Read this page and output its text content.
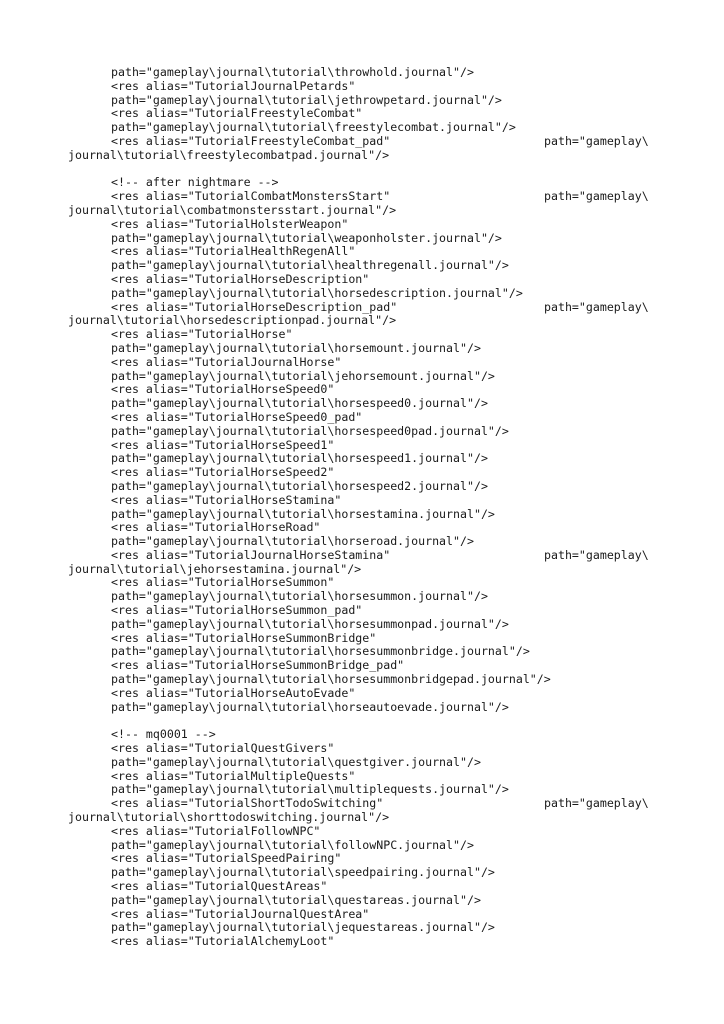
path="gameplay\journal\tutorial\throwhold.journal"/>
<res alias="TutorialJournalPetards"
path="gameplay\journal\tutorial\jethrowpetard.journal"/>
<res alias="TutorialFreestyleCombat"
path="gameplay\journal\tutorial\freestylecombat.journal"/>
<res alias="TutorialFreestyleCombat_pad"	path="gameplay\
journal\tutorial\freestylecombatpad.journal"/>
<!-- after nightmare -->
<res alias="TutorialCombatMonstersStart"	path="gameplay\
journal\tutorial\combatmonstersstart.journal"/>
<res alias="TutorialHolsterWeapon"
path="gameplay\journal\tutorial\weaponholster.journal"/>
<res alias="TutorialHealthRegenAll"
path="gameplay\journal\tutorial\healthregenall.journal"/>
<res alias="TutorialHorseDescription"
path="gameplay\journal\tutorial\horsedescription.journal"/>
<res alias="TutorialHorseDescription_pad"	path="gameplay\
journal\tutorial\horsedescriptionpad.journal"/>
<res alias="TutorialHorse"
path="gameplay\journal\tutorial\horsemount.journal"/>
<res alias="TutorialJournalHorse"
path="gameplay\journal\tutorial\jehorsemount.journal"/>
<res alias="TutorialHorseSpeed0"
path="gameplay\journal\tutorial\horsespeed0.journal"/>
<res alias="TutorialHorseSpeed0_pad"
path="gameplay\journal\tutorial\horsespeed0pad.journal"/>
<res alias="TutorialHorseSpeed1"
path="gameplay\journal\tutorial\horsespeed1.journal"/>
<res alias="TutorialHorseSpeed2"
path="gameplay\journal\tutorial\horsespeed2.journal"/>
<res alias="TutorialHorseStamina"
path="gameplay\journal\tutorial\horsestamina.journal"/>
<res alias="TutorialHorseRoad"
path="gameplay\journal\tutorial\horseroad.journal"/>
<res alias="TutorialJournalHorseStamina"	path="gameplay\
journal\tutorial\jehorsestamina.journal"/>
<res alias="TutorialHorseSummon"
path="gameplay\journal\tutorial\horsesummon.journal"/>
<res alias="TutorialHorseSummon_pad"
path="gameplay\journal\tutorial\horsesummonpad.journal"/>
<res alias="TutorialHorseSummonBridge"
path="gameplay\journal\tutorial\horsesummonbridge.journal"/>
<res alias="TutorialHorseSummonBridge_pad"
path="gameplay\journal\tutorial\horsesummonbridgepad.journal"/>
<res alias="TutorialHorseAutoEvade"
path="gameplay\journal\tutorial\horseautoevade.journal"/>
<!-- mq0001 -->
<res alias="TutorialQuestGivers"
path="gameplay\journal\tutorial\questgiver.journal"/>
<res alias="TutorialMultipleQuests"
path="gameplay\journal\tutorial\multiplequests.journal"/>
<res alias="TutorialShortTodoSwitching"	path="gameplay\
journal\tutorial\shorttodoswitching.journal"/>
<res alias="TutorialFollowNPC"
path="gameplay\journal\tutorial\followNPC.journal"/>
<res alias="TutorialSpeedPairing"
path="gameplay\journal\tutorial\speedpairing.journal"/>
<res alias="TutorialQuestAreas"
path="gameplay\journal\tutorial\questareas.journal"/>
<res alias="TutorialJournalQuestArea"
path="gameplay\journal\tutorial\jequestareas.journal"/>
<res alias="TutorialAlchemyLoot"
